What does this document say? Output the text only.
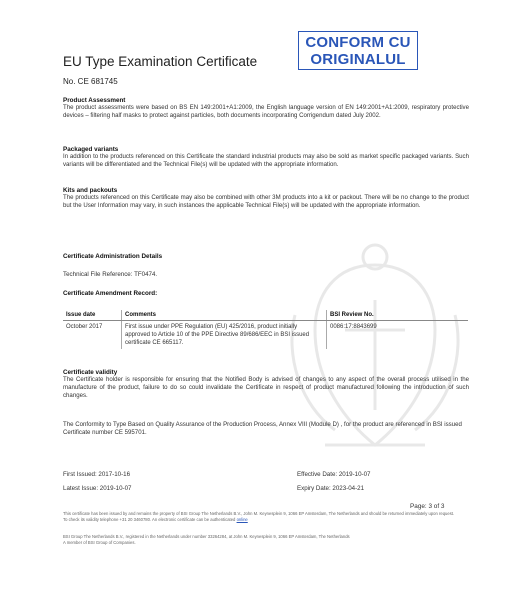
CONFORM CU
ORIGINALUL
EU Type Examination Certificate
No. CE 681745
Product Assessment
The product assessments were based on BS EN 149:2001+A1:2009, the English language version of EN 149:2001+A1:2009, respiratory protective devices – filtering half masks to protect against particles, both documents incorporating Corrigendum dated July 2002.
Packaged variants
In addition to the products referenced on this Certificate the standard industrial products may also be sold as market specific packaged variants. Such variants will be differentiated and the Technical File(s) will be updated with the appropriate information.
Kits and packouts
The products referenced on this Certificate may also be combined with other 3M products into a kit or packout. There will be no change to the product but the User Information may vary, in such instances the applicable Technical File(s) will be updated with the appropriate information.
Certificate Administration Details
Technical File Reference: TF0474.
Certificate Amendment Record:
Issue date	Comments	BSI Review No.
October 2017	First issue under PPE Regulation (EU) 425/2016, product initially approved to Article 10 of the PPE Directive 89/686/EEC in BSI issued certificate CE 665117.	0086:17:8843699
Certificate validity
The Certificate holder is responsible for ensuring that the Notified Body is advised of changes to any aspect of the overall process utilised in the manufacture of the product, failure to do so could invalidate the Certificate in respect of product manufactured following the introduction of such changes.
The Conformity to Type Based on Quality Assurance of the Production Process, Annex VIII (Module D) , for the product are referenced in BSI issued Certificate number CE 595701.
First Issued: 2017-10-16
Latest Issue: 2019-10-07
Effective Date: 2019-10-07
Expiry Date: 2023-04-21
Page: 3 of 3
This certificate has been issued by and remains the property of BSI Group The Netherlands B.V., John M. Keynesplein 9, 1066 EP Amsterdam, The Netherlands and should be returned immediately upon request.
To check its validity telephone +31 20 3460780. An electronic certificate can be authenticated online
BSI Group The Netherlands B.V., registered in the Netherlands under number 33264284, at John M. Keynesplein 9, 1066 EP Amsterdam, The Netherlands
A member of BSI Group of Companies.
